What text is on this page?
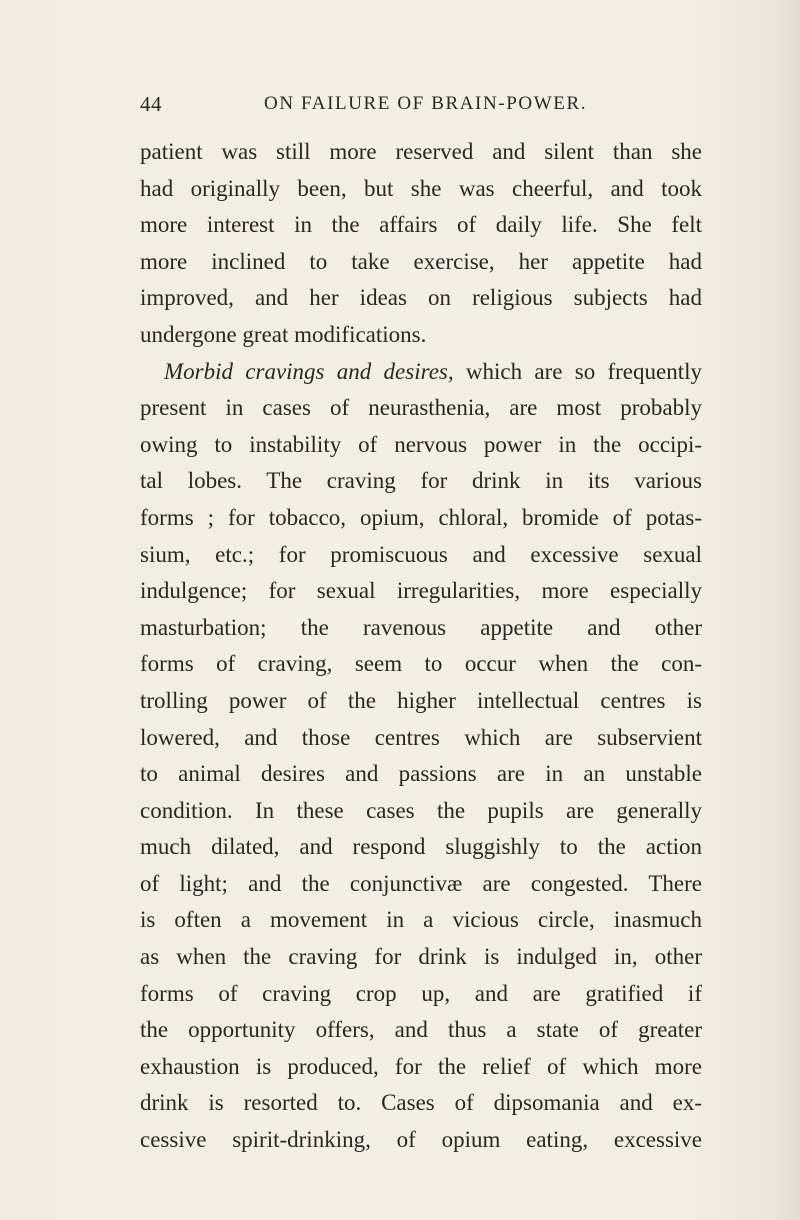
44	ON FAILURE OF BRAIN-POWER.
patient was still more reserved and silent than she
had originally been, but she was cheerful, and took
more interest in the affairs of daily life. She felt
more inclined to take exercise, her appetite had
improved, and her ideas on religious subjects had
undergone great modifications.
Morbid cravings and desires, which are so frequently
present in cases of neurasthenia, are most probably
owing to instability of nervous power in the occipi-
tal lobes. The craving for drink in its various
forms ; for tobacco, opium, chloral, bromide of potas-
sium, etc.; for promiscuous and excessive sexual
indulgence; for sexual irregularities, more especially
masturbation; the ravenous appetite and other
forms of craving, seem to occur when the con-
trolling power of the higher intellectual centres is
lowered, and those centres which are subservient
to animal desires and passions are in an unstable
condition. In these cases the pupils are generally
much dilated, and respond sluggishly to the action
of light; and the conjunctivæ are congested. There
is often a movement in a vicious circle, inasmuch
as when the craving for drink is indulged in, other
forms of craving crop up, and are gratified if
the opportunity offers, and thus a state of greater
exhaustion is produced, for the relief of which more
drink is resorted to. Cases of dipsomania and ex-
cessive spirit-drinking, of opium eating, excessive
